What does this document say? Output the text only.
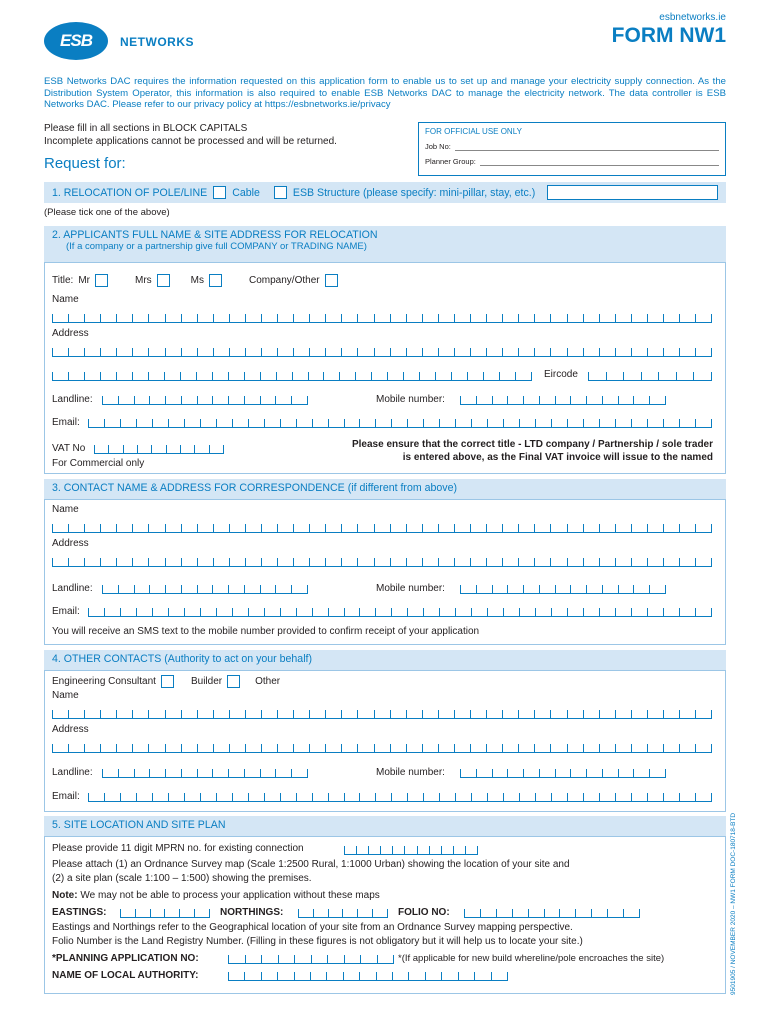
ESB	NETWORKS
esbnetworks.ie
FORM NW1
ESB Networks DAC requires the information requested on this application form to enable us to set up and manage your electricity supply connection. As the Distribution System Operator, this information is also required to enable ESB Networks DAC to manage the electricity network. The data controller is ESB Networks DAC. Please refer to our privacy policy at https://esbnetworks.ie/privacy
Please fill in all sections in BLOCK CAPITALS
Incomplete applications cannot be processed and will be returned.
Request for:
FOR OFFICIAL USE ONLY
Job No:
Planner Group:
1. RELOCATION OF POLE/LINE Cable	ESB Structure (please specify: mini-pillar, stay, etc.)
(Please tick one of the above)
2. APPLICANTS FULL NAME & SITE ADDRESS FOR RELOCATION
(If a company or a partnership give full COMPANY or TRADING NAME)
Title: Mr	Mrs	Ms	Company/Other
Name
Address
Eircode
Landline:	Mobile number:
Email:
VAT No
For Commercial only
Please ensure that the correct title - LTD company / Partnership / sole trader
is entered above, as the Final VAT invoice will issue to the named
3. CONTACT NAME & ADDRESS FOR CORRESPONDENCE (if different from above)
Name
Address
Landline:	Mobile number:
Email:
You will receive an SMS text to the mobile number provided to confirm receipt of your application
4. OTHER CONTACTS (Authority to act on your behalf)
Engineering Consultant	Builder	Other
Name
Address
Landline:	Mobile number:
Email:
5. SITE LOCATION AND SITE PLAN
Please provide 11 digit MPRN no. for existing connection
Please attach (1) an Ordnance Survey map (Scale 1:2500 Rural, 1:1000 Urban) showing the location of your site and
(2) a site plan (scale 1:100 – 1:500) showing the premises.
Note: We may not be able to process your application without these maps
EASTINGS:	NORTHINGS:	FOLIO NO:
Eastings and Northings refer to the Geographical location of your site from an Ordnance Survey mapping perspective.
Folio Number is the Land Registry Number. (Filling in these figures is not obligatory but it will help us to locate your site.)
*PLANNING APPLICATION NO:	*(If applicable for new build whereline/pole encroaches the site)
NAME OF LOCAL AUTHORITY:	9501905 / NOVEMBER 2020 – NW1 FORM DOC-180718-BTD
